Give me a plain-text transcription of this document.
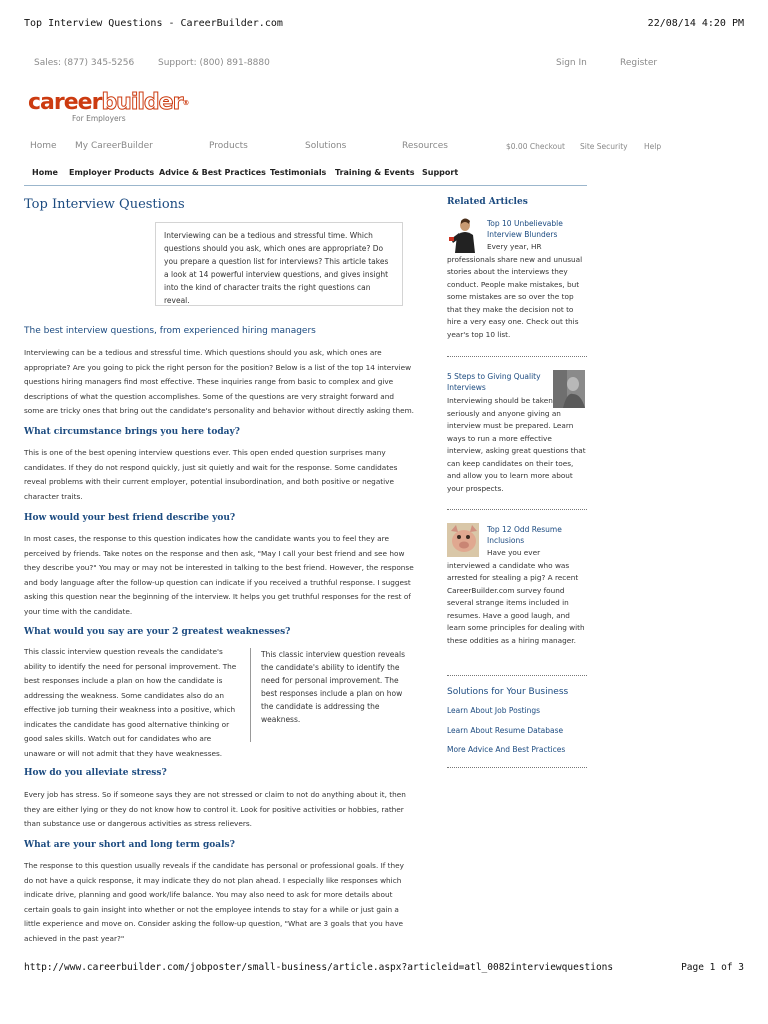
Top Interview Questions - CareerBuilder.com	22/08/14 4:20 PM
Sales: (877) 345-5256	Support: (800) 891-8880	Sign In	Register
careerbuilder®
For Employers
Home My CareerBuilder	Products	Solutions	Resources	$0.00 Checkout Site Security Help
Home Employer Products Advice & Best Practices Testimonials Training & Events Support
Top Interview Questions
Interviewing can be a tedious and stressful time. Which questions should you ask, which ones are appropriate? Do you prepare a question list for interviews? This article takes a look at 14 powerful interview questions, and gives insight into the kind of character traits the right questions can reveal.
The best interview questions, from experienced hiring managers
Interviewing can be a tedious and stressful time. Which questions should you ask, which ones are appropriate? Are you going to pick the right person for the position? Below is a list of the top 14 interview questions hiring managers find most effective. These inquiries range from basic to complex and give descriptions of what the question accomplishes. Some of the questions are very straight forward and some are tricky ones that bring out the candidate's personality and behavior without directly asking them.
What circumstance brings you here today?
This is one of the best opening interview questions ever. This open ended question surprises many candidates. If they do not respond quickly, just sit quietly and wait for the response. Some candidates reveal problems with their current employer, potential insubordination, and both positive or negative character traits.
How would your best friend describe you?
In most cases, the response to this question indicates how the candidate wants you to feel they are perceived by friends. Take notes on the response and then ask, "May I call your best friend and see how they describe you?" You may or may not be interested in talking to the best friend. However, the response and body language after the follow-up question can indicate if you received a truthful response. I suggest asking this question near the beginning of the interview. It helps you get truthful responses for the rest of your time with the candidate.
What would you say are your 2 greatest weaknesses?
This classic interview question reveals the candidate's ability to identify the need for personal improvement. The best responses include a plan on how the candidate is addressing the weakness. Some candidates also do an effective job turning their weakness into a positive, which indicates the candidate has good alternative thinking or good sales skills. Watch out for candidates who are unaware or will not admit that they have weaknesses.
This classic interview question reveals the candidate's ability to identify the need for personal improvement. The best responses include a plan on how the candidate is addressing the weakness.
How do you alleviate stress?
Every job has stress. So if someone says they are not stressed or claim to not do anything about it, then they are either lying or they do not know how to control it. Look for positive activities or hobbies, rather than substance use or dangerous activities as stress relievers.
What are your short and long term goals?
The response to this question usually reveals if the candidate has personal or professional goals. If they do not have a quick response, it may indicate they do not plan ahead. I especially like responses which indicate drive, planning and good work/life balance. You may also need to ask for more details about certain goals to gain insight into whether or not the employee intends to stay for a while or just gain a little experience and move on. Consider asking the follow-up question, "What are 3 goals that you have achieved in the past year?"
Related Articles
Top 10 Unbelievable Interview Blunders
Every year, HR
professionals share new and unusual stories about the interviews they conduct. People make mistakes, but some mistakes are so over the top that they make the decision not to hire a very easy one. Check out this year's top 10 list.
5 Steps to Giving Quality Interviews
Interviewing should be taken seriously and anyone giving an interview must be prepared. Learn ways to run a more effective interview, asking great questions that can keep candidates on their toes, and allow you to learn more about your prospects.
Top 12 Odd Resume Inclusions
Have you ever
interviewed a candidate who was arrested for stealing a pig? A recent CareerBuilder.com survey found several strange items included in resumes. Have a good laugh, and learn some principles for dealing with these oddities as a hiring manager.
Solutions for Your Business
Learn About Job Postings
Learn About Resume Database
More Advice And Best Practices
http://www.careerbuilder.com/jobposter/small-business/article.aspx?articleid=atl_0082interviewquestions	Page 1 of 3
